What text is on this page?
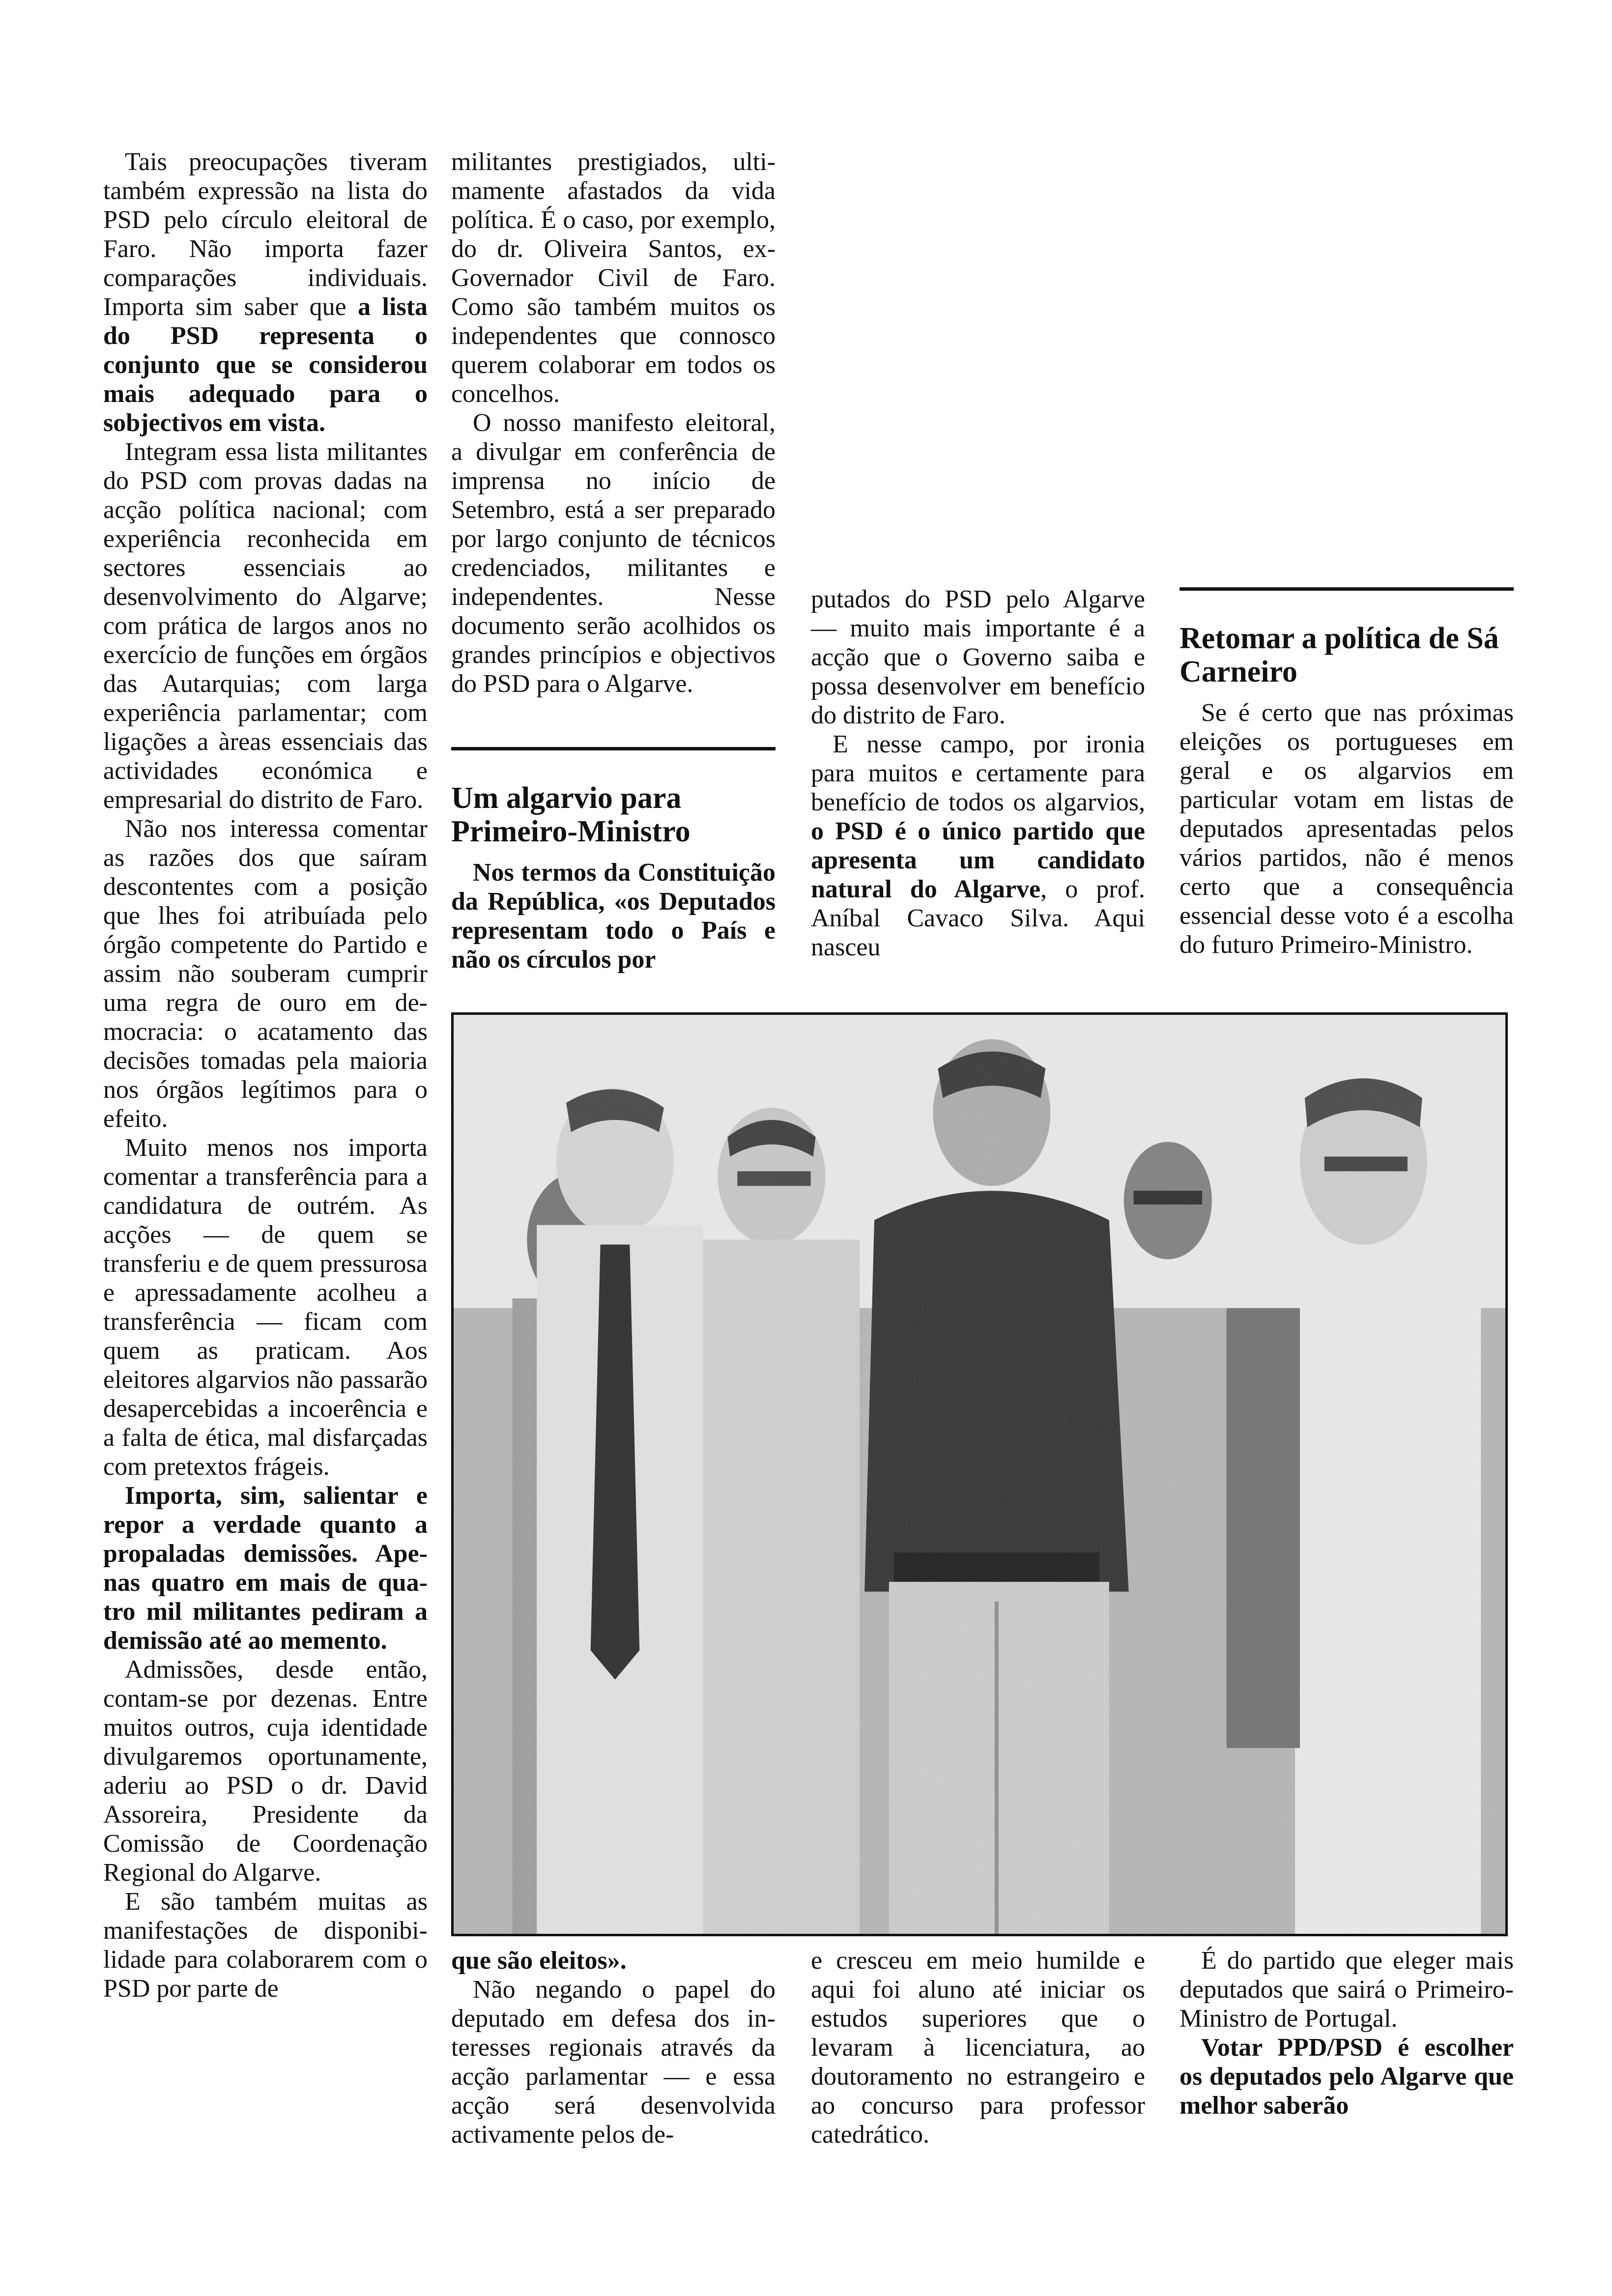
Tais preocupações tiveram também expressão na lista do PSD pelo círculo eleitoral de Faro. Não importa fazer comparações individuais. Importa sim saber que a lista do PSD representa o conjunto que se considerou mais adequado para o sobjectivos em vista.

Integram essa lista militantes do PSD com provas dadas na acção política nacional; com experiência reconhecida em sectores essenciais ao desenvolvimento do Algarve; com prática de largos anos no exercício de funções em órgãos das Autarquias; com larga experiência parlamentar; com ligações a àreas essenciais das actividades económica e empresarial do distrito de Faro.

Não nos interessa comentar as razões dos que saíram descontentes com a posição que lhes foi atribuíada pelo órgão competente do Partido e assim não souberam cumprir uma regra de ouro em democracia: o acatamento das decisões tomadas pela maioria nos órgãos legítimos para o efeito.

Muito menos nos importa comentar a transferência para a candidatura de outrém. As acções — de quem se transferiu e de quem pressurosa e apressadamente acolheu a transferência — ficam com quem as praticam. Aos eleitores algarvios não passarão desapercebidas a incoerência e a falta de ética, mal disfarçadas com pretextos frágeis.

Importa, sim, salientar e repor a verdade quanto a propaladas demissões. Apenas quatro em mais de quatro mil militantes pediram a demissão até ao memento.

Admissões, desde então, contam-se por dezenas. Entre muitos outros, cuja identidade divulgaremos oportunamente, aderiu ao PSD o dr. David Assoreira, Presidente da Comissão de Coordenação Regional do Algarve.

E são também muitas as manifestações de disponibilidade para colaborarem com o PSD por parte de

militantes prestigiados, ultimamente afastados da vida política. É o caso, por exemplo, do dr. Oliveira Santos, ex-Governador Civil de Faro. Como são também muitos os independentes que connosco querem colaborar em todos os concelhos.

O nosso manifesto eleitoral, a divulgar em conferência de imprensa no início de Setembro, está a ser preparado por largo conjunto de técnicos credenciados, militantes e independentes. Nesse documento serão acolhidos os grandes princípios e objectivos do PSD para o Algarve.

Um algarvio para Primeiro-Ministro

Nos termos da Constituição da República, «os Deputados representam todo o País e não os círculos por

putados do PSD pelo Algarve — muito mais importante é a acção que o Governo saiba e possa desenvolver em benefício do distrito de Faro.

E nesse campo, por ironia para muitos e certamente para benefício de todos os algarvios, o PSD é o único partido que apresenta um candidato natural do Algarve, o prof. Aníbal Cavaco Silva. Aqui nasceu

Retomar a política de Sá Carneiro

Se é certo que nas próximas eleições os portugueses em geral e os algarvios em particular votam em listas de deputados apresentadas pelos vários partidos, não é menos certo que a consequência essencial desse voto é a escolha do futuro Primeiro-Ministro.

que são eleitos».

Não negando o papel do deputado em defesa dos interesses regionais através da acção parlamentar — e essa acção será desenvolvida activamente pelos de-

e cresceu em meio humilde e aqui foi aluno até iniciar os estudos superiores que o levaram à licenciatura, ao doutoramento no estrangeiro e ao concurso para professor catedrático.

É do partido que eleger mais deputados que sairá o Primeiro-Ministro de Portugal.

Votar PPD/PSD é escolher os deputados pelo Algarve que melhor saberão
